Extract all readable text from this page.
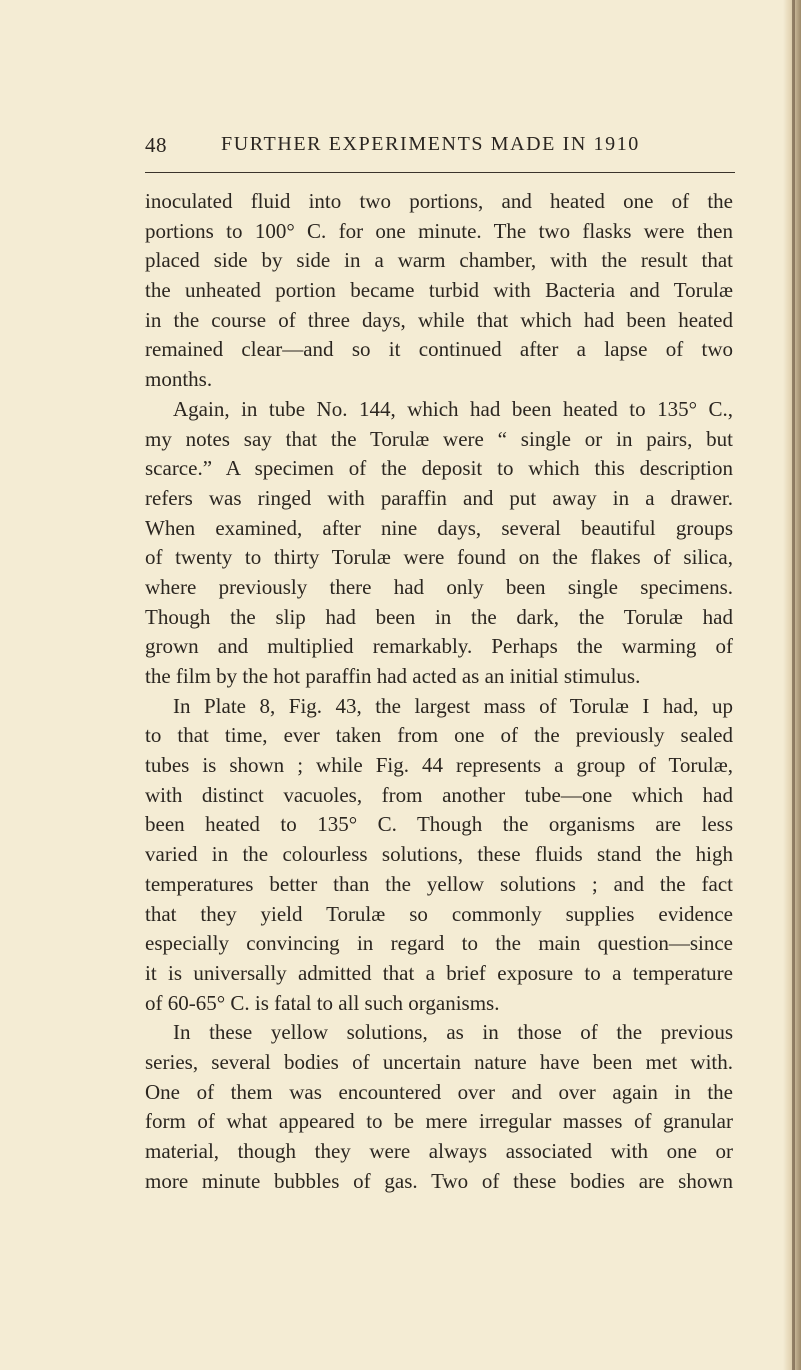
48	FURTHER EXPERIMENTS MADE IN 1910
inoculated fluid into two portions, and heated one of the
portions to 100° C. for one minute. The two flasks were then
placed side by side in a warm chamber, with the result that
the unheated portion became turbid with Bacteria and Torulæ
in the course of three days, while that which had been heated
remained clear—and so it continued after a lapse of two
months.
Again, in tube No. 144, which had been heated to 135° C.,
my notes say that the Torulæ were “ single or in pairs, but
scarce.” A specimen of the deposit to which this description
refers was ringed with paraffin and put away in a drawer.
When examined, after nine days, several beautiful groups
of twenty to thirty Torulæ were found on the flakes of silica,
where previously there had only been single specimens.
Though the slip had been in the dark, the Torulæ had
grown and multiplied remarkably. Perhaps the warming of
the film by the hot paraffin had acted as an initial stimulus.
In Plate 8, Fig. 43, the largest mass of Torulæ I had, up
to that time, ever taken from one of the previously sealed
tubes is shown ; while Fig. 44 represents a group of Torulæ,
with distinct vacuoles, from another tube—one which had
been heated to 135° C. Though the organisms are less
varied in the colourless solutions, these fluids stand the high
temperatures better than the yellow solutions ; and the fact
that they yield Torulæ so commonly supplies evidence
especially convincing in regard to the main question—since
it is universally admitted that a brief exposure to a temperature
of 60-65° C. is fatal to all such organisms.
In these yellow solutions, as in those of the previous
series, several bodies of uncertain nature have been met with.
One of them was encountered over and over again in the
form of what appeared to be mere irregular masses of granular
material, though they were always associated with one or
more minute bubbles of gas. Two of these bodies are shown
